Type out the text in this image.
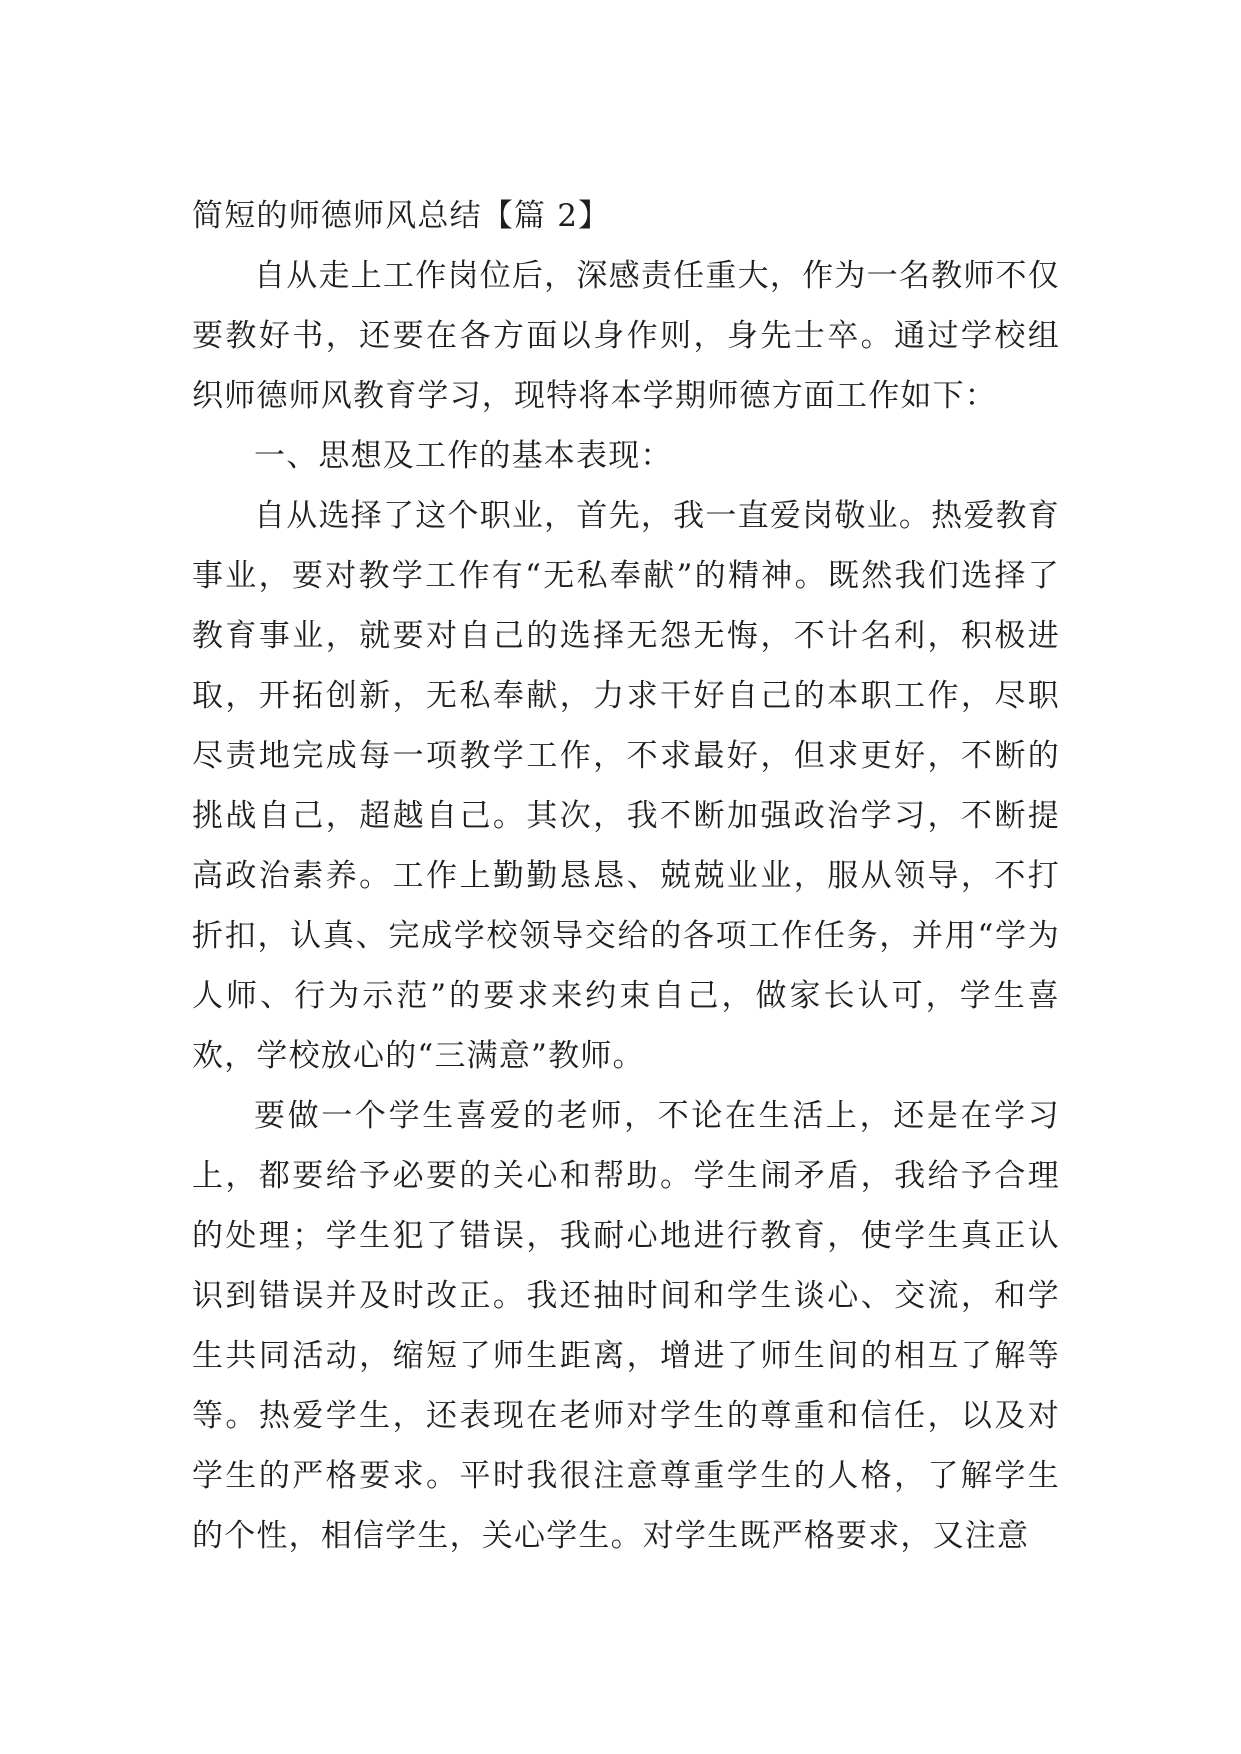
简短的师德师风总结【篇 2】

自从走上工作岗位后，深感责任重大，作为一名教师不仅要教好书，还要在各方面以身作则，身先士卒。通过学校组织师德师风教育学习，现特将本学期师德方面工作如下：

一、思想及工作的基本表现：

自从选择了这个职业，首先，我一直爱岗敬业。热爱教育事业，要对教学工作有“无私奉献”的精神。既然我们选择了教育事业，就要对自己的选择无怨无悔，不计名利，积极进取，开拓创新，无私奉献，力求干好自己的本职工作，尽职尽责地完成每一项教学工作，不求最好，但求更好，不断的挑战自己，超越自己。其次，我不断加强政治学习，不断提高政治素养。工作上勤勤恳恳、兢兢业业，服从领导，不打折扣，认真、完成学校领导交给的各项工作任务，并用“学为人师、行为示范”的要求来约束自己，做家长认可，学生喜欢，学校放心的“三满意”教师。

要做一个学生喜爱的老师，不论在生活上，还是在学习上，都要给予必要的关心和帮助。学生闹矛盾，我给予合理的处理；学生犯了错误，我耐心地进行教育，使学生真正认识到错误并及时改正。我还抽时间和学生谈心、交流，和学生共同活动，缩短了师生距离，增进了师生间的相互了解等等。热爱学生，还表现在老师对学生的尊重和信任，以及对学生的严格要求。平时我很注意尊重学生的人格，了解学生的个性，相信学生，关心学生。对学生既严格要求，又注意
